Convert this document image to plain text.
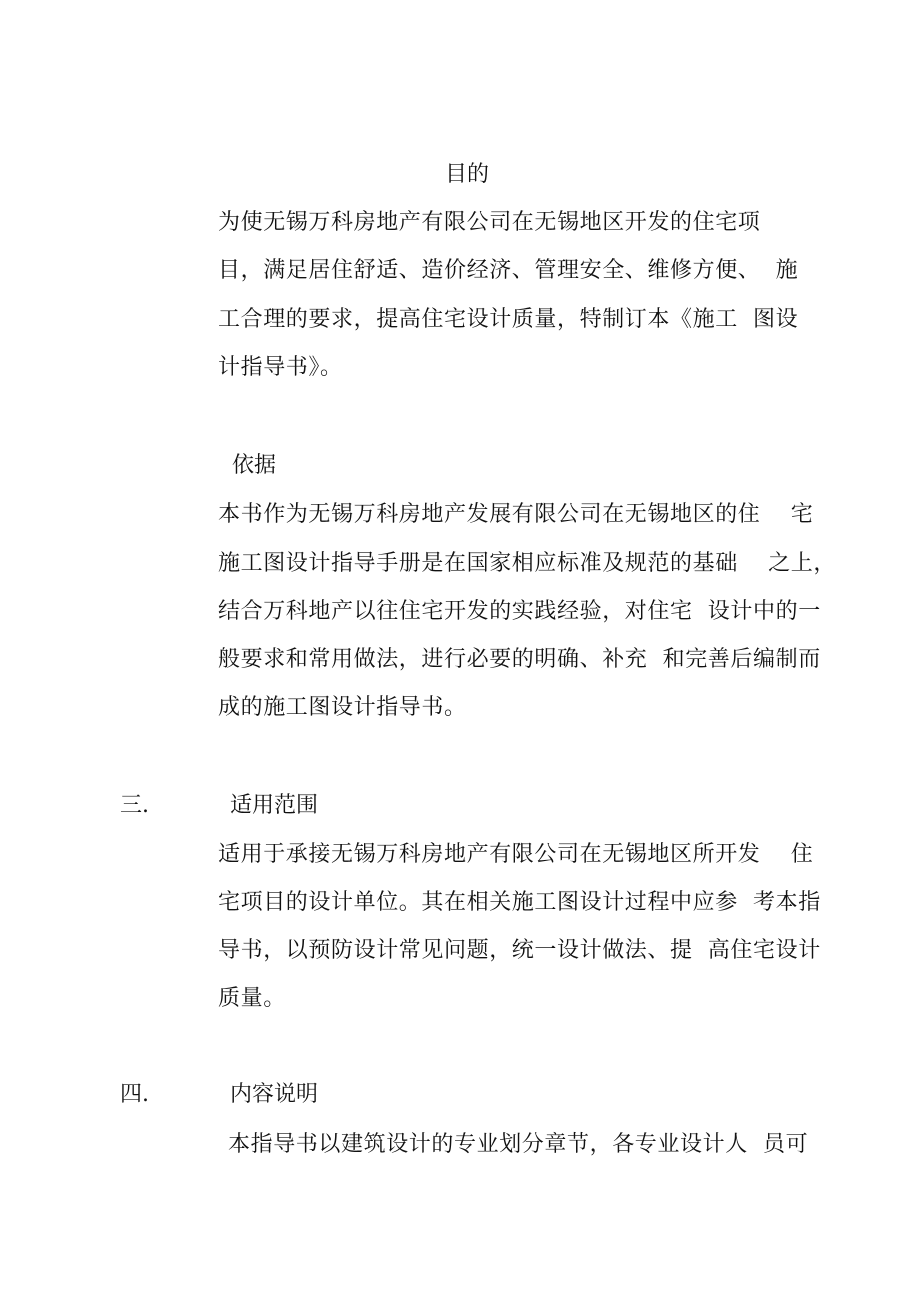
目的
为使无锡万科房地产有限公司在无锡地区开发的住宅项
目，满足居住舒适、造价经济、管理安全、维修方便、  施
工合理的要求，提高住宅设计质量，特制订本《施工  图设
计指导书》。
依据
本书作为无锡万科房地产发展有限公司在无锡地区的住    宅
施工图设计指导手册是在国家相应标准及规范的基础    之上，
结合万科地产以往住宅开发的实践经验，对住宅  设计中的一
般要求和常用做法，进行必要的明确、补充  和完善后编制而
成的施工图设计指导书。
三.	适用范围
适用于承接无锡万科房地产有限公司在无锡地区所开发    住
宅项目的设计单位。其在相关施工图设计过程中应参  考本指
导书，以预防设计常见问题，统一设计做法、提  高住宅设计
质量。
四.	内容说明
本指导书以建筑设计的专业划分章节，各专业设计人  员可
